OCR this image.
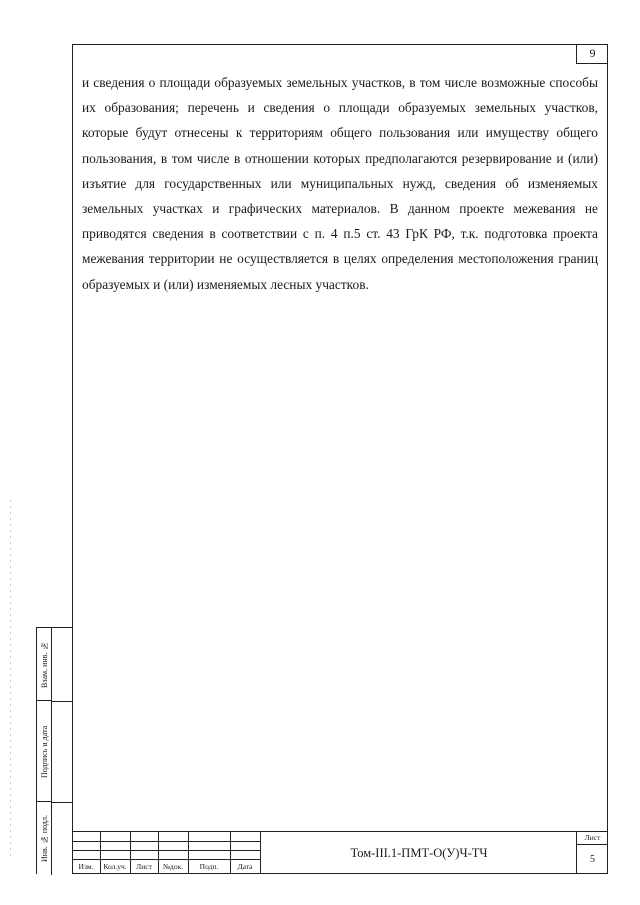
9

и сведения о площади образуемых земельных участков, в том числе возможные способы их образования; перечень и сведения о площади образуемых земельных участков, которые будут отнесены к территориям общего пользования или имуществу общего пользования, в том числе в отношении которых предполагаются резервирование и (или) изъятие для государственных или муниципальных нужд, сведения об изменяемых земельных участках и графических материалов. В данном проекте межевания не приводятся сведения в соответствии с п. 4 п.5 ст. 43 ГрК РФ, т.к. подготовка проекта межевания территории не осуществляется в целях определения местоположения границ образуемых и (или) изменяемых лесных участков.

Взам. инв. №
Подпись и дата
Инв. № подл.
Изм.	Кол.уч.	Лист	№док.	Подп.	Дата
Том-III.1-ПМТ-О(У)Ч-ТЧ
Лист
5
